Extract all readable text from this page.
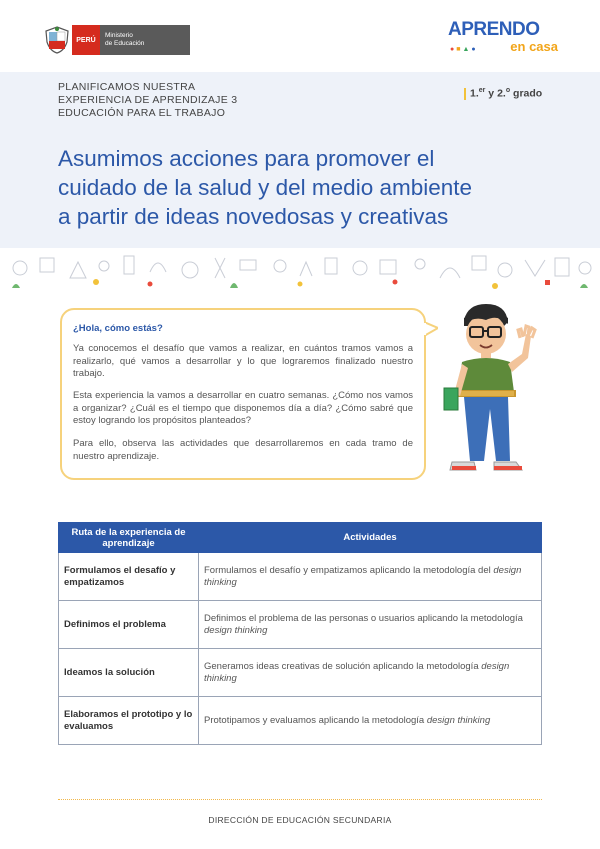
PERÚ
Ministerio
de Educación
APRENDO
●■▲●	en casa
PLANIFICAMOS NUESTRA
EXPERIENCIA DE APRENDIZAJE 3
EDUCACIÓN PARA EL TRABAJO
1.$^{er}$ y 2.$^o$ grado
Asumimos acciones para promover el
cuidado de la salud y del medio ambiente
a partir de ideas novedosas y creativas
¿Hola, cómo estás?
Ya conocemos el desafío que vamos a realizar, en cuántos tramos vamos a realizarlo, qué vamos a desarrollar y lo que lograremos finalizado nuestro trabajo.
Esta experiencia la vamos a desarrollar en cuatro semanas. ¿Cómo nos vamos a organizar? ¿Cuál es el tiempo que disponemos día a día? ¿Cómo sabré que estoy logrando los propósitos planteados?
Para ello, observa las actividades que desarrollaremos en cada tramo de nuestro aprendizaje.
Ruta de la experiencia de aprendizaje	Actividades
Formulamos el desafío y empatizamos	Formulamos el desafío y empatizamos aplicando la metodología del design thinking
Definimos el problema	Definimos el problema de las personas o usuarios aplicando la metodología design thinking
Ideamos la solución	Generamos ideas creativas de solución aplicando la metodología design thinking
Elaboramos el prototipo y lo evaluamos	Prototipamos y evaluamos aplicando la metodología design thinking
DIRECCIÓN DE EDUCACIÓN SECUNDARIA
